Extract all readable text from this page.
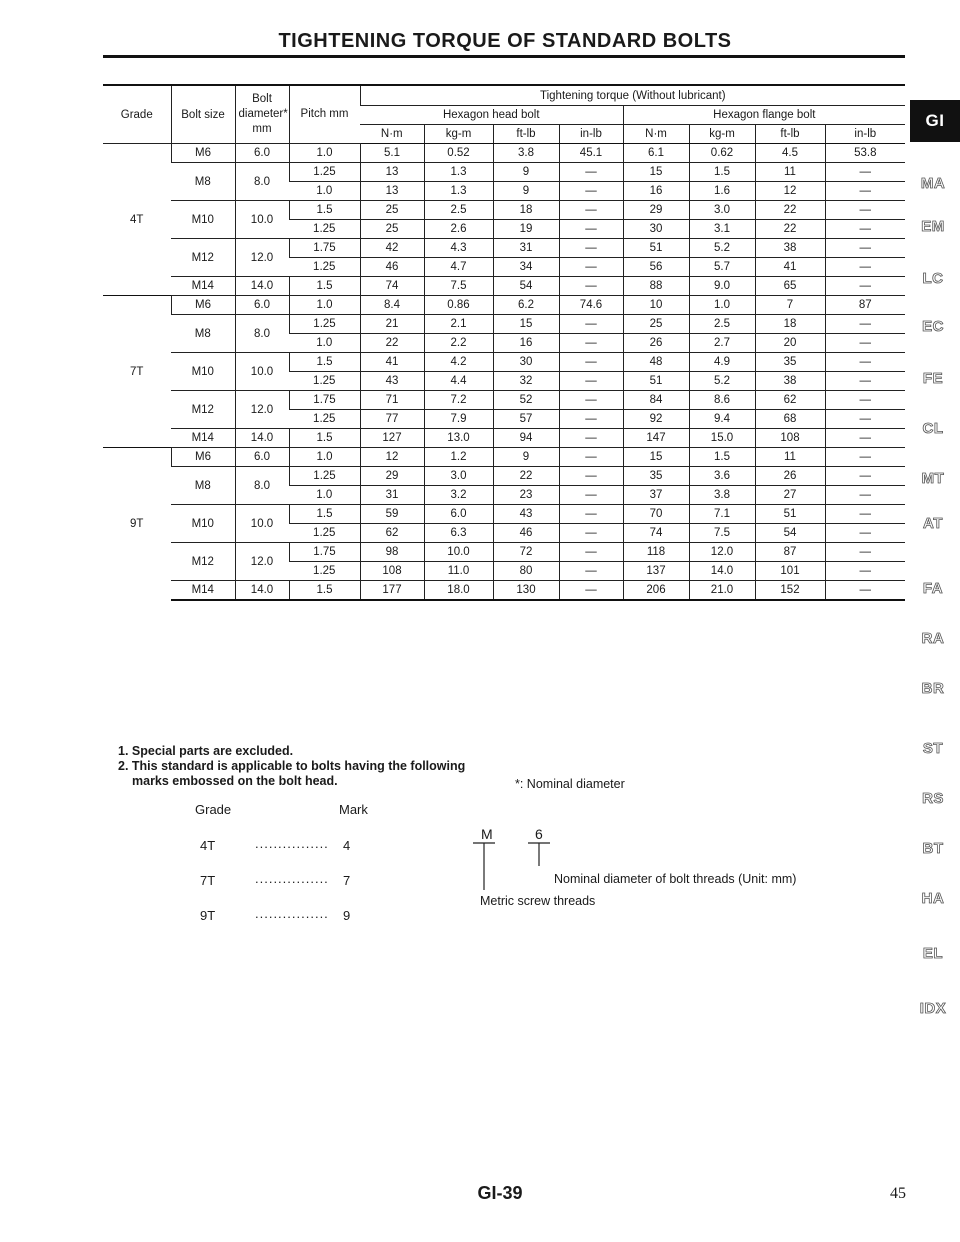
TIGHTENING TORQUE OF STANDARD BOLTS
Grade	Bolt size	Bolt diameter* mm	Pitch mm	Tightening torque (Without lubricant)							
				Hexagon head bolt				Hexagon flange bolt			
				N·m	kg-m	ft-lb	in-lb	N·m	kg-m	ft-lb	in-lb
4T	M6	6.0	1.0	5.1	0.52	3.8	45.1	6.1	0.62	4.5	53.8
	M8	8.0	1.25	13	1.3	9	—	15	1.5	11	—
			1.0	13	1.3	9	—	16	1.6	12	—
	M10	10.0	1.5	25	2.5	18	—	29	3.0	22	—
			1.25	25	2.6	19	—	30	3.1	22	—
	M12	12.0	1.75	42	4.3	31	—	51	5.2	38	—
			1.25	46	4.7	34	—	56	5.7	41	—
	M14	14.0	1.5	74	7.5	54	—	88	9.0	65	—
7T	M6	6.0	1.0	8.4	0.86	6.2	74.6	10	1.0	7	87
	M8	8.0	1.25	21	2.1	15	—	25	2.5	18	—
			1.0	22	2.2	16	—	26	2.7	20	—
	M10	10.0	1.5	41	4.2	30	—	48	4.9	35	—
			1.25	43	4.4	32	—	51	5.2	38	—
	M12	12.0	1.75	71	7.2	52	—	84	8.6	62	—
			1.25	77	7.9	57	—	92	9.4	68	—
	M14	14.0	1.5	127	13.0	94	—	147	15.0	108	—
9T	M6	6.0	1.0	12	1.2	9	—	15	1.5	11	—
	M8	8.0	1.25	29	3.0	22	—	35	3.6	26	—
			1.0	31	3.2	23	—	37	3.8	27	—
	M10	10.0	1.5	59	6.0	43	—	70	7.1	51	—
			1.25	62	6.3	46	—	74	7.5	54	—
	M12	12.0	1.75	98	10.0	72	—	118	12.0	87	—
			1.25	108	11.0	80	—	137	14.0	101	—
	M14	14.0	1.5	177	18.0	130	—	206	21.0	152	—
1. Special parts are excluded.
2. This standard is applicable to bolts having the following
marks embossed on the bolt head.	*: Nominal diameter
Grade	Mark
4T	................ 4
7T	................ 7
9T	................ 9
M	6
Nominal diameter of bolt threads (Unit: mm)
Metric screw threads
GI-39	45
GI
MA
EM
LC
EC
FE
CL
MT
AT
FA
RA
BR
ST
RS
BT
HA
EL
IDX
